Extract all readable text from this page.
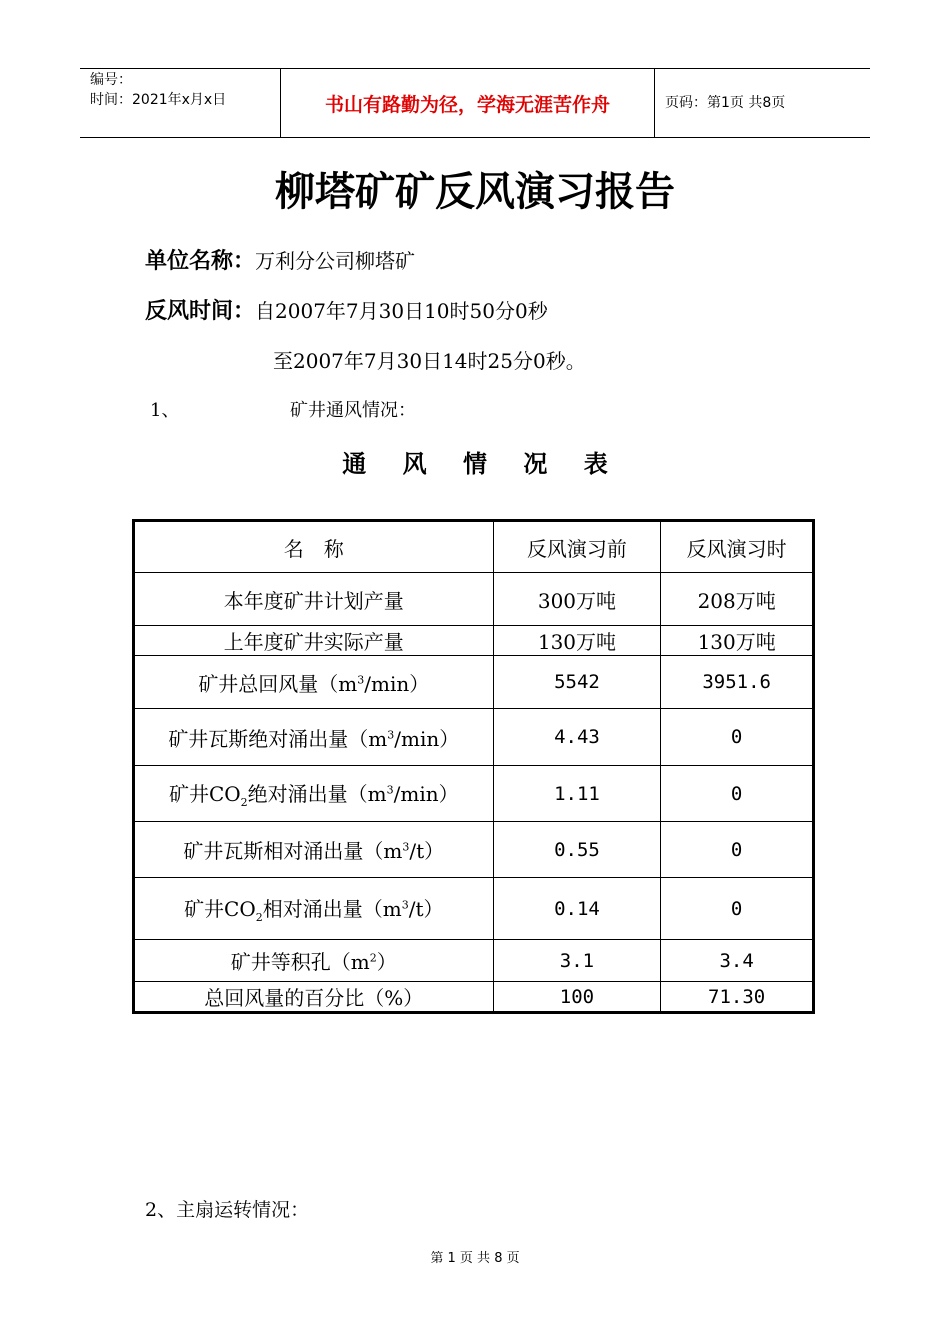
编号：
时间：2021年x月x日	书山有路勤为径，学海无涯苦作舟	页码：第1页 共8页
柳塔矿矿反风演习报告
单位名称：万利分公司柳塔矿
反风时间：自2007年7月30日10时50分0秒
至2007年7月30日14时25分0秒。
1、	矿井通风情况：
通 风 情 况 表
名　称	反风演习前	反风演习时
本年度矿井计划产量	300万吨	208万吨
上年度矿井实际产量	130万吨	130万吨
矿井总回风量$(m^3/\min)$	5542	3951.6
矿井瓦斯绝对涌出量$(m^3/\min)$	4.43	0
矿井$CO_2$绝对涌出量$(m^3/\min)$	1.11	0
矿井瓦斯相对涌出量$(m^3/t)$	0.55	0
矿井$CO_2$相对涌出量$(m^3/t)$	0.14	0
矿井等积孔$(m^2)$	3.1	3.4
总回风量的百分比（%）	100	71.30
2、主扇运转情况：
第 1 页 共 8 页
